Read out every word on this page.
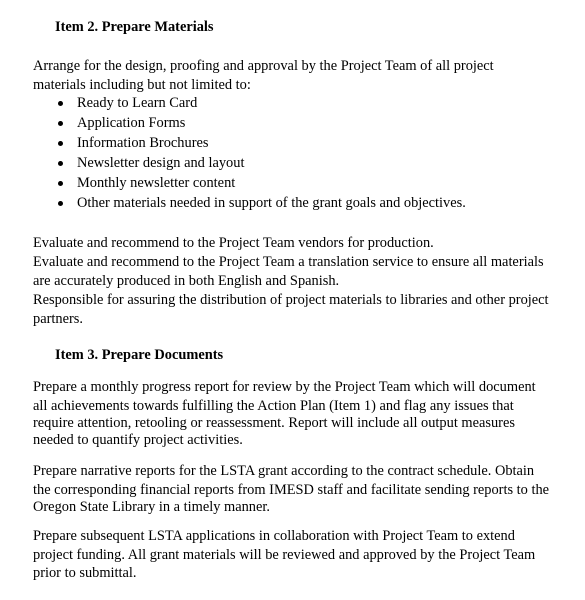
Item 2. Prepare Materials
Arrange for the design, proofing and approval by the Project Team of all project
materials including but not limited to:
Ready to Learn Card
Application Forms
Information Brochures
Newsletter design and layout
Monthly newsletter content
Other materials needed in support of the grant goals and objectives.
Evaluate and recommend to the Project Team vendors for production.
Evaluate and recommend to the Project Team a translation service to ensure all materials
are accurately produced in both English and Spanish.
Responsible for assuring the distribution of project materials to libraries and other project
partners.
Item 3. Prepare Documents
Prepare a monthly progress report for review by the Project Team which will document
all achievements towards fulfilling the Action Plan (Item 1) and flag any issues that
require attention, retooling or reassessment. Report will include all output measures
needed to quantify project activities.
Prepare narrative reports for the LSTA grant according to the contract schedule. Obtain
the corresponding financial reports from IMESD staff and facilitate sending reports to the
Oregon State Library in a timely manner.
Prepare subsequent LSTA applications in collaboration with Project Team to extend
project funding. All grant materials will be reviewed and approved by the Project Team
prior to submittal.
